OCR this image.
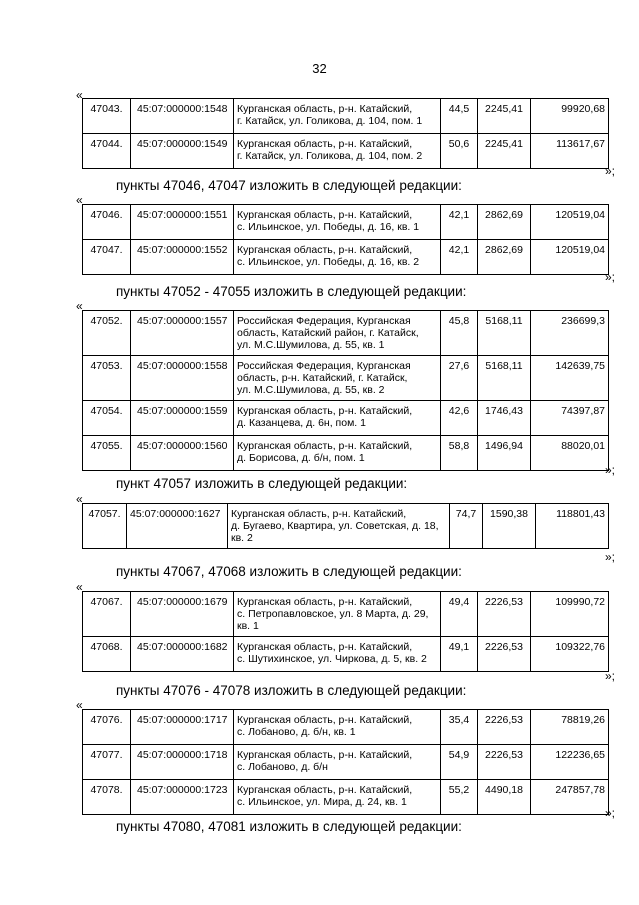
32
«
47043.	45:07:000000:1548	Курганская область, р-н. Катайский,
г. Катайск, ул. Голикова, д. 104, пом. 1	44,5	2245,41	99920,68
47044.	45:07:000000:1549	Курганская область, р-н. Катайский,
г. Катайск, ул. Голикова, д. 104, пом. 2	50,6	2245,41	113617,67
»;
пункты 47046, 47047 изложить в следующей редакции:
«
47046.	45:07:000000:1551	Курганская область, р-н. Катайский,
с. Ильинское, ул. Победы, д. 16, кв. 1	42,1	2862,69	120519,04
47047.	45:07:000000:1552	Курганская область, р-н. Катайский,
с. Ильинское, ул. Победы, д. 16, кв. 2	42,1	2862,69	120519,04
»;
пункты 47052 - 47055 изложить в следующей редакции:
«
47052.	45:07:000000:1557	Российская Федерация, Курганская
область, Катайский район, г. Катайск,
ул. М.С.Шумилова, д. 55, кв. 1	45,8	5168,11	236699,3
47053.	45:07:000000:1558	Российская Федерация, Курганская
область, р-н. Катайский, г. Катайск,
ул. М.С.Шумилова, д. 55, кв. 2	27,6	5168,11	142639,75
47054.	45:07:000000:1559	Курганская область, р-н. Катайский,
д. Казанцева, д. 6н, пом. 1	42,6	1746,43	74397,87
47055.	45:07:000000:1560	Курганская область, р-н. Катайский,
д. Борисова, д. б/н, пом. 1	58,8	1496,94	88020,01
»;
пункт 47057 изложить в следующей редакции:
«
47057.	45:07:000000:1627	Курганская область, р-н. Катайский,
д. Бугаево, Квартира, ул. Советская, д. 18,
кв. 2	74,7	1590,38	118801,43
»;
пункты 47067, 47068 изложить в следующей редакции:
«
47067.	45:07:000000:1679	Курганская область, р-н. Катайский,
с. Петропавловское, ул. 8 Марта, д. 29,
кв. 1	49,4	2226,53	109990,72
47068.	45:07:000000:1682	Курганская область, р-н. Катайский,
с. Шутихинское, ул. Чиркова, д. 5, кв. 2	49,1	2226,53	109322,76
»;
пункты 47076 - 47078 изложить в следующей редакции:
«
47076.	45:07:000000:1717	Курганская область, р-н. Катайский,
с. Лобаново, д. б/н, кв. 1	35,4	2226,53	78819,26
47077.	45:07:000000:1718	Курганская область, р-н. Катайский,
с. Лобаново, д. б/н	54,9	2226,53	122236,65
47078.	45:07:000000:1723	Курганская область, р-н. Катайский,
с. Ильинское, ул. Мира, д. 24, кв. 1	55,2	4490,18	247857,78
»;
пункты 47080, 47081 изложить в следующей редакции:
